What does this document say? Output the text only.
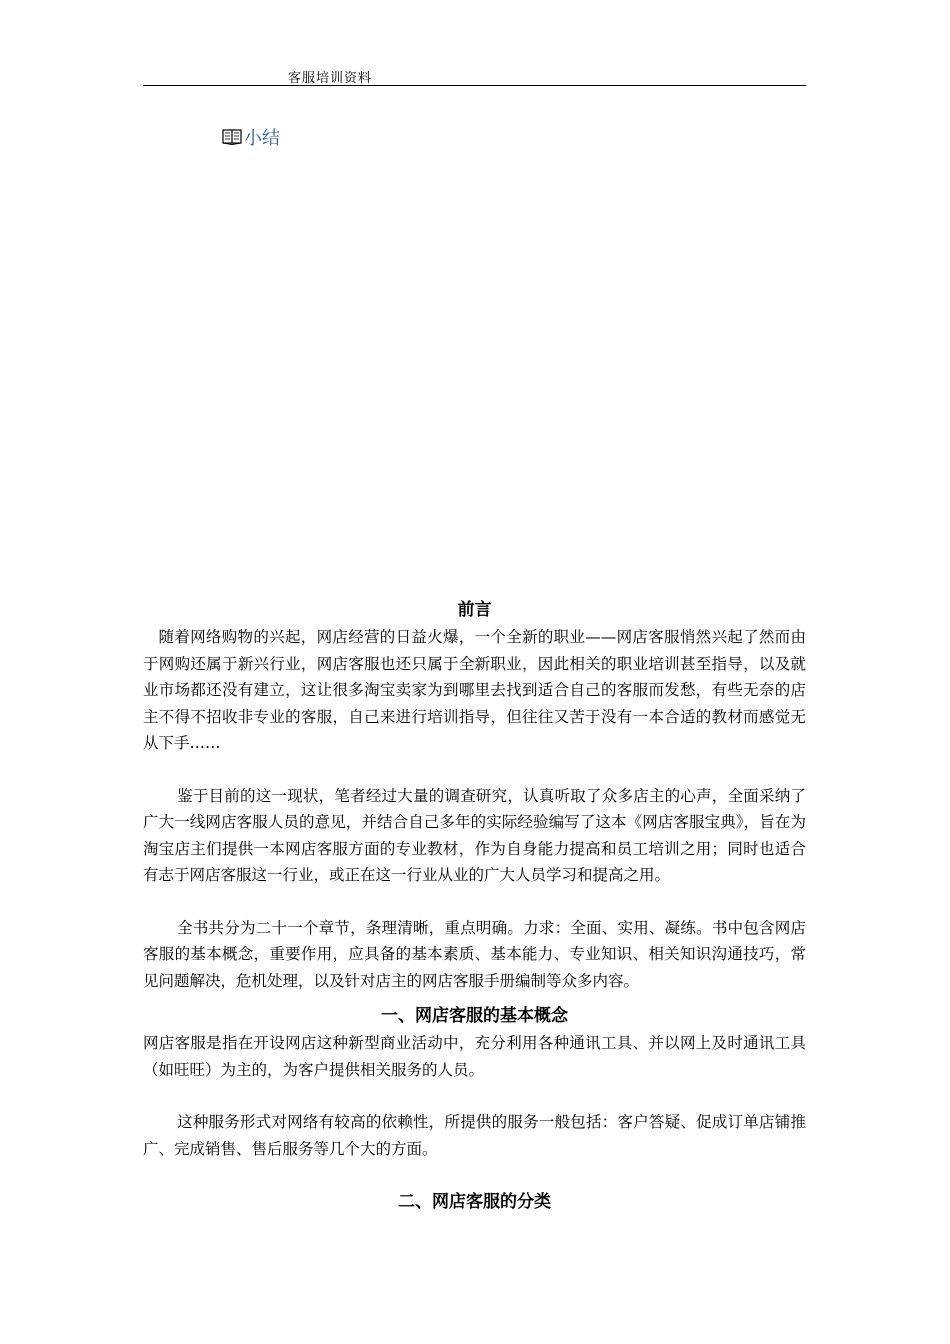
客服培训资料
小结
前言

随着网络购物的兴起，网店经营的日益火爆，一个全新的职业——网店客服悄然兴起了然而由于网购还属于新兴行业，网店客服也还只属于全新职业，因此相关的职业培训甚至指导，以及就业市场都还没有建立，这让很多淘宝卖家为到哪里去找到适合自己的客服而发愁，有些无奈的店主不得不招收非专业的客服，自己来进行培训指导，但往往又苦于没有一本合适的教材而感觉无从下手……

鉴于目前的这一现状，笔者经过大量的调查研究，认真听取了众多店主的心声，全面采纳了广大一线网店客服人员的意见，并结合自己多年的实际经验编写了这本《网店客服宝典》，旨在为淘宝店主们提供一本网店客服方面的专业教材，作为自身能力提高和员工培训之用；同时也适合有志于网店客服这一行业，或正在这一行业从业的广大人员学习和提高之用。

全书共分为二十一个章节，条理清晰，重点明确。力求：全面、实用、凝练。书中包含网店客服的基本概念，重要作用，应具备的基本素质、基本能力、专业知识、相关知识沟通技巧，常见问题解决，危机处理，以及针对店主的网店客服手册编制等众多内容。

一、网店客服的基本概念

网店客服是指在开设网店这种新型商业活动中，充分利用各种通讯工具、并以网上及时通讯工具（如旺旺）为主的，为客户提供相关服务的人员。

这种服务形式对网络有较高的依赖性，所提供的服务一般包括：客户答疑、促成订单店铺推广、完成销售、售后服务等几个大的方面。

二、网店客服的分类
